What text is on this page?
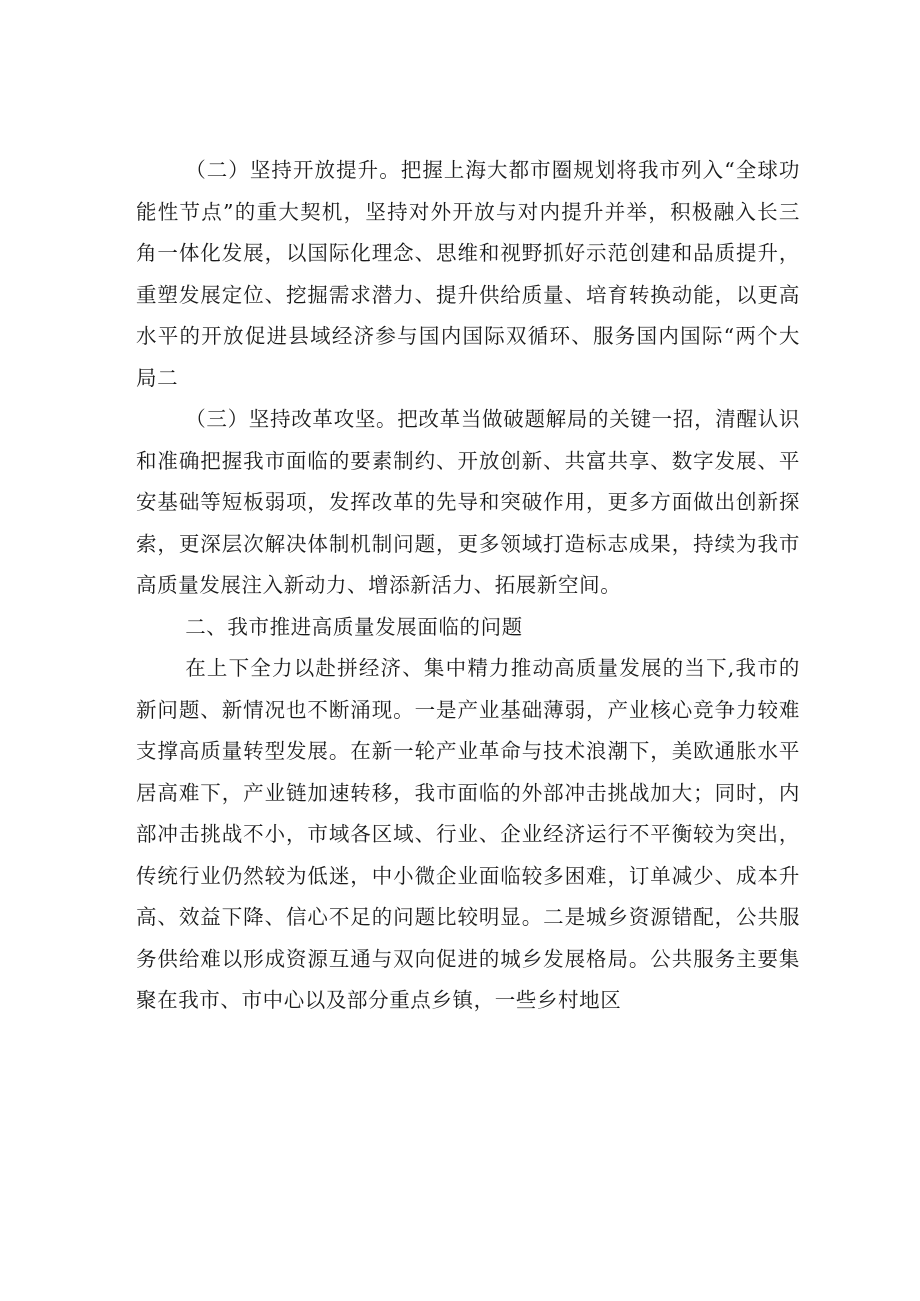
（二）坚持开放提升。把握上海大都市圈规划将我市列入“全球功能性节点”的重大契机，坚持对外开放与对内提升并举，积极融入长三角一体化发展，以国际化理念、思维和视野抓好示范创建和品质提升，重塑发展定位、挖掘需求潜力、提升供给质量、培育转换动能，以更高水平的开放促进县域经济参与国内国际双循环、服务国内国际“两个大局二

（三）坚持改革攻坚。把改革当做破题解局的关键一招，清醒认识和准确把握我市面临的要素制约、开放创新、共富共享、数字发展、平安基础等短板弱项，发挥改革的先导和突破作用，更多方面做出创新探索，更深层次解决体制机制问题，更多领域打造标志成果，持续为我市高质量发展注入新动力、增添新活力、拓展新空间。

二、我市推进高质量发展面临的问题

在上下全力以赴拼经济、集中精力推动高质量发展的当下,我市的新问题、新情况也不断涌现。一是产业基础薄弱，产业核心竞争力较难支撑高质量转型发展。在新一轮产业革命与技术浪潮下，美欧通胀水平居高难下，产业链加速转移，我市面临的外部冲击挑战加大；同时，内部冲击挑战不小，市域各区域、行业、企业经济运行不平衡较为突出，传统行业仍然较为低迷，中小微企业面临较多困难，订单减少、成本升高、效益下降、信心不足的问题比较明显。二是城乡资源错配，公共服务供给难以形成资源互通与双向促进的城乡发展格局。公共服务主要集聚在我市、市中心以及部分重点乡镇，一些乡村地区
